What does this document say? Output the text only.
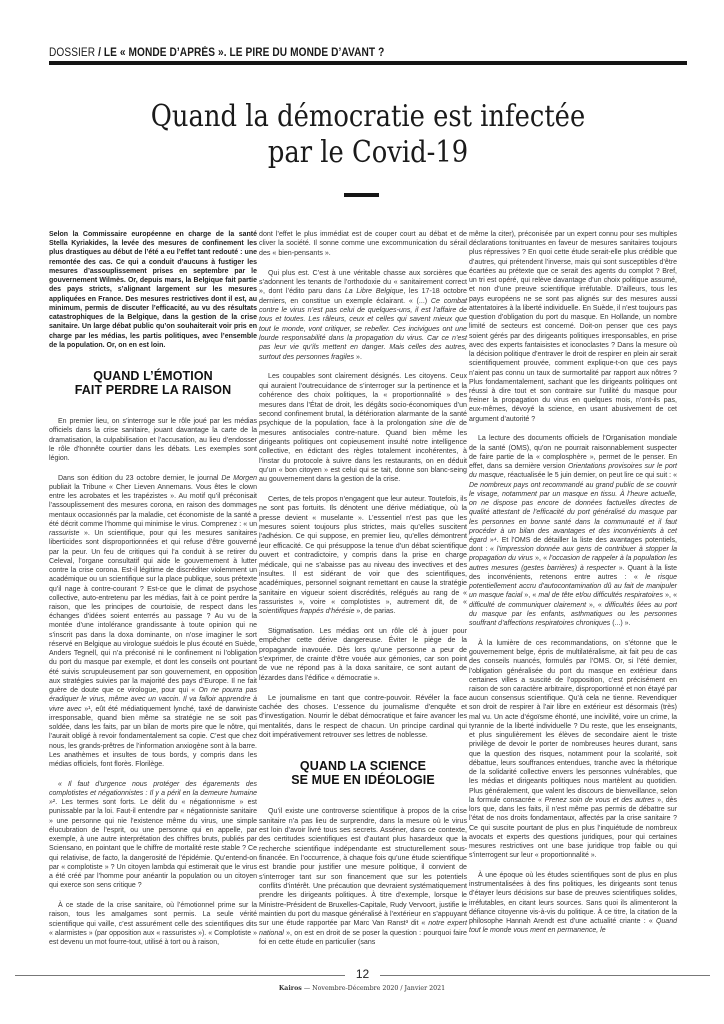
DOSSIER / LE « MONDE D’APRÈS ». LE PIRE DU MONDE D’AVANT ?
Quand la démocratie est infectée
par le Covid-19

Selon la Commissaire européenne en charge de la santé Stella Kyriakides, la levée des mesures de confinement les plus drastiques au début de l’été a eu l’effet tant redouté : une remontée des cas. Ce qui a conduit d’aucuns à fustiger les mesures d’assouplissement prises en septembre par le gouvernement Wilmès. Or, depuis mars, la Belgique fait partie des pays stricts, s’alignant largement sur les mesures appliquées en France. Des mesures restrictives dont il est, au minimum, permis de discuter l’efficacité, au vu des résultats catastrophiques de la Belgique, dans la gestion de la crise sanitaire. Un large débat public qu’on souhaiterait voir pris en charge par les médias, les partis politiques, avec l’ensemble de la population. Or, on en est loin.

QUAND L’ÉMOTION
FAIT PERDRE LA RAISON

En premier lieu, on s’interroge sur le rôle joué par les médias officiels dans la crise sanitaire, jouant davantage la carte de la dramatisation, la culpabilisation et l’accusation, au lieu d’endosser le rôle d’honnête courtier dans les débats. Les exemples sont légion.

Dans son édition du 23 octobre dernier, le journal De Morgen publiait la Tribune « Cher Lieven Annemans. Vous êtes le clown entre les acrobates et les trapézistes ». Au motif qu’il préconisait l’assouplissement des mesures corona, en raison des dommages mentaux occasionnés par la maladie, cet économiste de la santé a été décrit comme l’homme qui minimise le virus. Comprenez : « un rassuriste ». Un scientifique, pour qui les mesures sanitaires liberticides sont disproportionnées et qui refuse d’être gouverné par la peur. Un feu de critiques qui l’a conduit à se retirer du Celeval, l’organe consultatif qui aide le gouvernement à lutter contre la crise corona. Est-il légitime de discréditer violemment un académique ou un scientifique sur la place publique, sous prétexte qu’il nage à contre-courant ? Est-ce que le climat de psychose collective, auto-entretenu par les médias, fait à ce point perdre la raison, que les principes de courtoisie, de respect dans les échanges d’idées soient enterrés au passage ? Au vu de la montée d’une intolérance grandissante à toute opinion qui ne s’inscrit pas dans la doxa dominante, on n’ose imaginer le sort réservé en Belgique au virologue suédois le plus écouté en Suède, Anders Tegnell, qui n’a préconisé ni le confinement ni l’obligation du port du masque par exemple, et dont les conseils ont pourtant été suivis scrupuleusement par son gouvernement, en opposition aux stratégies suivies par la majorité des pays d’Europe. Il ne fait guère de doute que ce virologue, pour qui « On ne pourra pas éradiquer le virus, même avec un vaccin. Il va falloir apprendre à vivre avec »¹, eût été médiatiquement lynché, taxé de darwiniste irresponsable, quand bien même sa stratégie ne se soit pas soldée, dans les faits, par un bilan de morts pire que le nôtre, qui l’aurait obligé à revoir fondamentalement sa copie. C’est que chez nous, les grands-prêtres de l’information anxiogène sont à la barre. Les anathèmes et insultes de tous bords, y compris dans les médias officiels, font florès. Florilège.

« Il faut d’urgence nous protéger des égarements des complotistes et négationnistes : Il y a péril en la demeure humaine »². Les termes sont forts. Le délit du « négationnisme » est punissable par la loi. Faut-il entendre par « négationniste sanitaire » une personne qui nie l’existence même du virus, une simple élucubration de l’esprit, ou une personne qui en appelle, par exemple, à une autre interprétation des chiffres bruts, publiés par Sciensano, en pointant que le chiffre de mortalité reste stable ? Ce qui relativise, de facto, la dangerosité de l’épidémie. Qu’entend-on par « complotiste » ? Un citoyen lambda qui estimerait que le virus a été créé par l’homme pour anéantir la population ou un citoyen qui exerce son sens critique ?

À ce stade de la crise sanitaire, où l’émotionnel prime sur la raison, tous les amalgames sont permis. La seule vérité scientifique qui vaille, c’est assurément celle des scientifiques dits « alarmistes » (par opposition aux « rassuristes »). « Complotiste » est devenu un mot fourre-tout, utilisé à tort ou à raison,

dont l’effet le plus immédiat est de couper court au débat et de cliver la société. Il sonne comme une excommunication du sérail des « bien-pensants ».

Qui plus est. C’est à une véritable chasse aux sorcières que s’adonnent les tenants de l’orthodoxie du « sanitairement correct », dont l’édito paru dans La Libre Belgique, les 17-18 octobre derniers, en constitue un exemple éclairant. « (...) Ce combat contre le virus n’est pas celui de quelques-uns, il est l’affaire de tous et toutes. Les râleurs, ceux et celles qui savent mieux que tout le monde, vont critiquer, se rebeller. Ces incivigues ont une lourde responsabilité dans la propagation du virus. Car ce n’est pas leur vie qu’ils mettent en danger. Mais celles des autres, surtout des personnes fragiles ».

Les coupables sont clairement désignés. Les citoyens. Ceux qui auraient l’outrecuidance de s’interroger sur la pertinence et la cohérence des choix politiques, la « proportionnalité » des mesures dans l’État de droit, les dégâts socio-économiques d’un second confinement brutal, la détérioration alarmante de la santé psychique de la population, face à la prolongation sine die de mesures antisociales contre-nature. Quand bien même les dirigeants politiques ont copieusement insulté notre intelligence collective, en édictant des règles totalement incohérentes, à l’instar du protocole à suivre dans les restaurants, on en déduit qu’un « bon citoyen » est celui qui se tait, donne son blanc-seing au gouvernement dans la gestion de la crise.

Certes, de tels propos n’engagent que leur auteur. Toutefois, ils ne sont pas fortuits. Ils dénotent une dérive médiatique, où la presse devient « muselante ». L’essentiel n’est pas que les mesures soient toujours plus strictes, mais qu’elles suscitent l’adhésion. Ce qui suppose, en premier lieu, qu’elles démontrent leur efficacité. Ce qui présuppose la tenue d’un débat scientifique ouvert et contradictoire, y compris dans la prise en charge médicale, qui ne s’abaisse pas au niveau des invectives et des insultes. Il est sidérant de voir que des scientifiques, académiques, personnel soignant remettant en cause la stratégie sanitaire en vigueur soient discrédités, relégués au rang de « rassuristes », voire « complotistes », autrement dit, de « scientifiques frappés d’hérésie », de parias.

Stigmatisation. Les médias ont un rôle clé à jouer pour empêcher cette dérive dangereuse. Éviter le piège de la propagande inavouée. Dès lors qu’une personne a peur de s’exprimer, de crainte d’être vouée aux gémonies, car son point de vue ne répond pas à la doxa sanitaire, ce sont autant de lézardes dans l’édifice « démocratie ».

Le journalisme en tant que contre-pouvoir. Révéler la face cachée des choses. L’essence du journalisme d’enquête et d’investigation. Nourrir le débat démocratique et faire avancer les mentalités, dans le respect de chacun. Un principe cardinal qui doit impérativement retrouver ses lettres de noblesse.

QUAND LA SCIENCE
SE MUE EN IDÉOLOGIE

Qu’il existe une controverse scientifique à propos de la crise sanitaire n’a pas lieu de surprendre, dans la mesure où le virus est loin d’avoir livré tous ses secrets. Asséner, dans ce contexte, des certitudes scientifiques est d’autant plus hasardeux que la recherche scientifique indépendante est structurellement sous-financée. En l’occurrence, à chaque fois qu’une étude scientifique est brandie pour justifier une mesure politique, il convient de s’interroger tant sur son financement que sur les potentiels conflits d’intérêt. Une précaution que devraient systématiquement prendre les dirigeants politiques. À titre d’exemple, lorsque le Ministre-Président de Bruxelles-Capitale, Rudy Vervoort, justifie le maintien du port du masque généralisé à l’extérieur en s’appuyant sur une étude rapportée par Marc Van Ranst³ dit « notre expert national », on est en droit de se poser la question : pourquoi faire foi en cette étude en particulier (sans

même la citer), préconisée par un expert connu pour ses multiples déclarations tonitruantes en faveur de mesures sanitaires toujours plus répressives ? En quoi cette étude serait-elle plus crédible que d’autres, qui prétendent l’inverse, mais qui sont susceptibles d’être écartées au prétexte que ce serait des agents du complot ? Bref, un tri est opéré, qui relève davantage d’un choix politique assumé, et non d’une preuve scientifique irréfutable. D’ailleurs, tous les pays européens ne se sont pas alignés sur des mesures aussi attentatoires à la liberté individuelle. En Suède, il n’est toujours pas question d’obligation du port du masque. En Hollande, un nombre limité de secteurs est concerné. Doit-on penser que ces pays soient gérés par des dirigeants politiques irresponsables, en prise avec des experts fantaisistes et iconoclastes ? Dans la mesure où la décision politique d’entraver le droit de respirer en plein air serait scientifiquement prouvée, comment explique-t-on que ces pays n’aient pas connu un taux de surmortalité par rapport aux nôtres ? Plus fondamentalement, sachant que les dirigeants politiques ont réussi à dire tout et son contraire sur l’utilité du masque pour freiner la propagation du virus en quelques mois, n’ont-ils pas, eux-mêmes, dévoyé la science, en usant abusivement de cet argument d’autorité ?

La lecture des documents officiels de l’Organisation mondiale de la santé (OMS), qu’on ne pourrait raisonnablement suspecter de faire partie de la « complosphère », permet de le penser. En effet, dans sa dernière version Orientations provisoires sur le port du masque, réactualisée le 5 juin dernier, on peut lire ce qui suit : « De nombreux pays ont recommandé au grand public de se couvrir le visage, notamment par un masque en tissu. À l’heure actuelle, on ne dispose pas encore de données factuelles directes de qualité attestant de l’efficacité du port généralisé du masque par les personnes en bonne santé dans la communauté et il faut procéder à un bilan des avantages et des inconvénients à cet égard »⁴. Et l’OMS de détailler la liste des avantages potentiels, dont : « l’impression donnée aux gens de contribuer à stopper la propagation du virus », « l’occasion de rappeler à la population les autres mesures (gestes barrières) à respecter ». Quant à la liste des inconvénients, retenons entre autres : « le risque potentiellement accru d’autocontamination dû au fait de manipuler un masque facial », « mal de tête et/ou difficultés respiratoires », « difficulté de communiquer clairement », « difficultés liées au port du masque par les enfants, asthmatiques ou les personnes souffrant d’affections respiratoires chroniques (...) ».

À la lumière de ces recommandations, on s’étonne que le gouvernement belge, épris de multilatéralisme, ait fait peu de cas des conseils nuancés, formulés par l’OMS. Or, si l’été dernier, l’obligation généralisée du port du masque en extérieur dans certaines villes a suscité de l’opposition, c’est précisément en raison de son caractère arbitraire, disproportionné et non étayé par aucun consensus scientifique. Qu’à cela ne tienne. Revendiquer son droit de respirer à l’air libre en extérieur est désormais (très) mal vu. Un acte d’égoïsme éhonté, une incivilité, voire un crime, la tyrannie de la liberté individuelle ? Du reste, que les enseignants, et plus singulièrement les élèves de secondaire aient le triste privilège de devoir le porter de nombreuses heures durant, sans que la question des risques, notamment pour la scolarité, soit débattue, leurs souffrances entendues, tranche avec la rhétorique de la solidarité collective envers les personnes vulnérables, que les médias et dirigeants politiques nous martèlent au quotidien. Plus généralement, que valent les discours de bienveillance, selon la formule consacrée « Prenez soin de vous et des autres », dès lors que, dans les faits, il n’est même pas permis de débattre sur l’état de nos droits fondamentaux, affectés par la crise sanitaire ? Ce qui suscite pourtant de plus en plus l’inquiétude de nombreux avocats et experts des questions juridiques, pour qui certaines mesures restrictives ont une base juridique trop faible ou qui s’interrogent sur leur « proportionnalité ».

À une époque où les études scientifiques sont de plus en plus instrumentalisées à des fins politiques, les dirigeants sont tenus d’étayer leurs décisions sur base de preuves scientifiques solides, irréfutables, en citant leurs sources. Sans quoi ils alimenteront la défiance citoyenne vis-à-vis du politique. À ce titre, la citation de la philosophe Hannah Arendt est d’une actualité criante : « Quand tout le monde vous ment en permanence, le

12
Kairos — Novembre-Décembre 2020 / Janvier 2021
